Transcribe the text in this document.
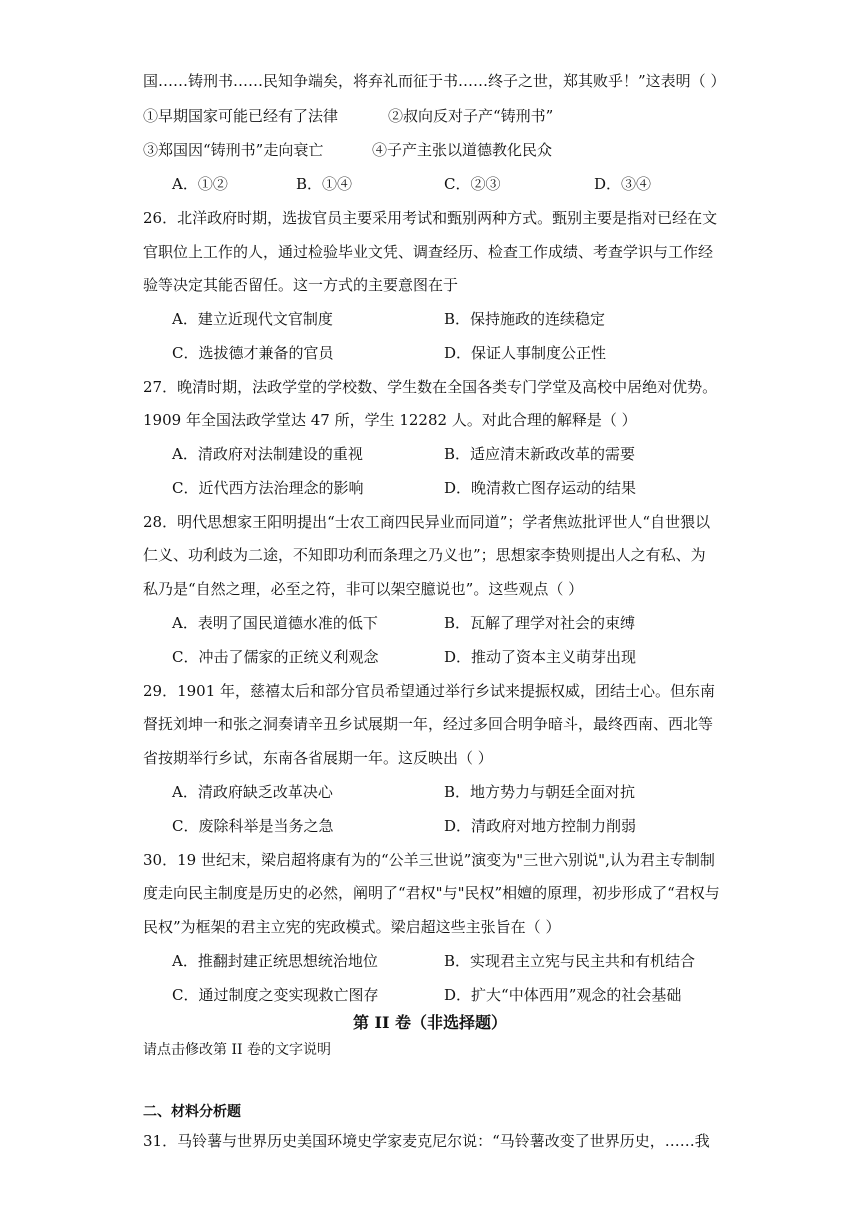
国……铸刑书……民知争端矣，将弃礼而征于书……终子之世，郑其败乎！”这表明（ ）
①早期国家可能已经有了法律	②叔向反对子产“铸刑书”
③郑国因“铸刑书”走向衰亡	④子产主张以道德教化民众
A．①②	B．①④	C．②③	D．③④
26．北洋政府时期，选拔官员主要采用考试和甄别两种方式。甄别主要是指对已经在文
官职位上工作的人，通过检验毕业文凭、调查经历、检查工作成绩、考查学识与工作经
验等决定其能否留任。这一方式的主要意图在于
A．建立近现代文官制度	B．保持施政的连续稳定
C．选拔德才兼备的官员	D．保证人事制度公正性
27．晚清时期，法政学堂的学校数、学生数在全国各类专门学堂及高校中居绝对优势。
1909 年全国法政学堂达 47 所，学生 12282 人。对此合理的解释是（ ）
A．清政府对法制建设的重视	B．适应清末新政改革的需要
C．近代西方法治理念的影响	D．晚清救亡图存运动的结果
28．明代思想家王阳明提出“士农工商四民异业而同道”；学者焦竑批评世人“自世猥以
仁义、功利歧为二途，不知即功利而条理之乃义也”；思想家李贽则提出人之有私、为
私乃是“自然之理，必至之符，非可以架空臆说也”。这些观点（ ）
A．表明了国民道德水准的低下	B．瓦解了理学对社会的束缚
C．冲击了儒家的正统义利观念	D．推动了资本主义萌芽出现
29．1901 年，慈禧太后和部分官员希望通过举行乡试来提振权威，团结士心。但东南
督抚刘坤一和张之洞奏请辛丑乡试展期一年，经过多回合明争暗斗，最终西南、西北等
省按期举行乡试，东南各省展期一年。这反映出（ ）
A．清政府缺乏改革决心	B．地方势力与朝廷全面对抗
C．废除科举是当务之急	D．清政府对地方控制力削弱
30．19 世纪末，梁启超将康有为的“公羊三世说”演变为"三世六别说",认为君主专制制
度走向民主制度是历史的必然，阐明了“君权"与"民权”相嬗的原理，初步形成了“君权与
民权”为框架的君主立宪的宪政模式。梁启超这些主张旨在（ ）
A．推翻封建正统思想统治地位	B．实现君主立宪与民主共和有机结合
C．通过制度之变实现救亡图存	D．扩大“中体西用”观念的社会基础
第 II 卷（非选择题）
请点击修改第 II 卷的文字说明
二、材料分析题
31．马铃薯与世界历史美国环境史学家麦克尼尔说：“马铃薯改变了世界历史，……我
